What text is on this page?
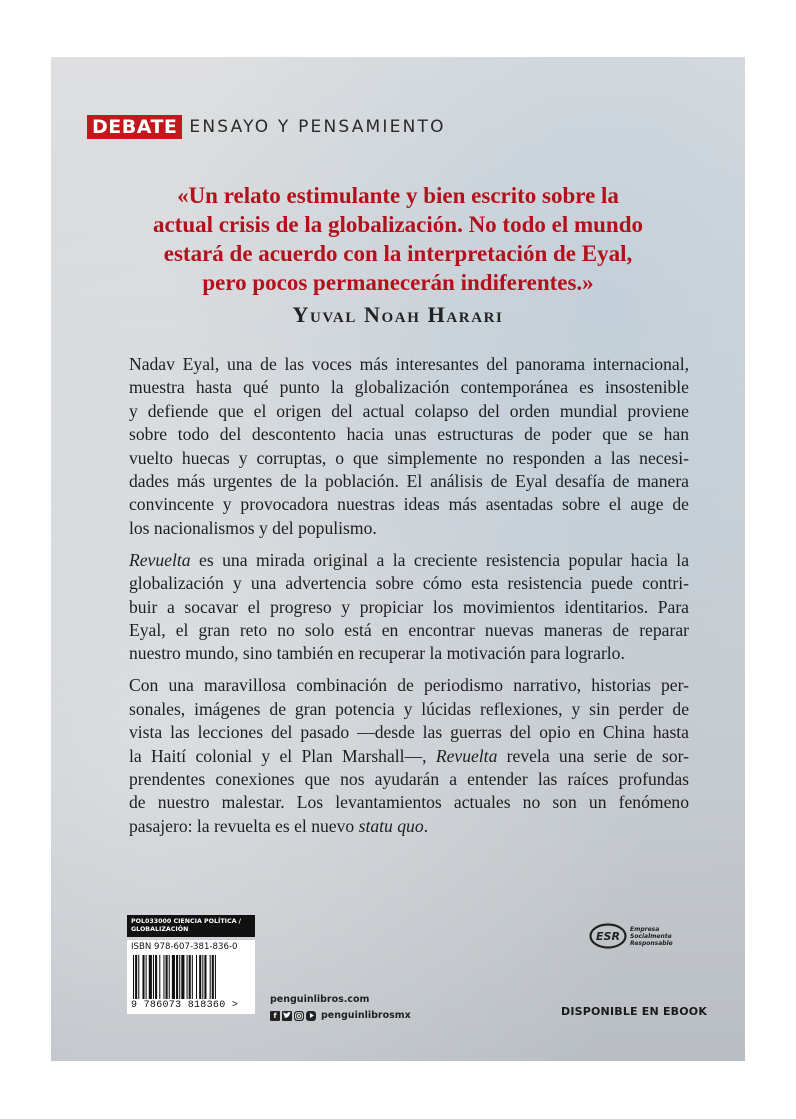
DEBATE ENSAYO Y PENSAMIENTO
«Un relato estimulante y bien escrito sobre la
actual crisis de la globalización. No todo el mundo
estará de acuerdo con la interpretación de Eyal,
pero pocos permanecerán indiferentes.»
Yuval Noah Harari

Nadav Eyal, una de las voces más interesantes del panorama internacional,
muestra hasta qué punto la globalización contemporánea es insostenible
y defiende que el origen del actual colapso del orden mundial proviene
sobre todo del descontento hacia unas estructuras de poder que se han
vuelto huecas y corruptas, o que simplemente no responden a las necesi-
dades más urgentes de la población. El análisis de Eyal desafía de manera
convincente y provocadora nuestras ideas más asentadas sobre el auge de
los nacionalismos y del populismo.

Revuelta es una mirada original a la creciente resistencia popular hacia la
globalización y una advertencia sobre cómo esta resistencia puede contri-
buir a socavar el progreso y propiciar los movimientos identitarios. Para
Eyal, el gran reto no solo está en encontrar nuevas maneras de reparar
nuestro mundo, sino también en recuperar la motivación para lograrlo.

Con una maravillosa combinación de periodismo narrativo, historias per-
sonales, imágenes de gran potencia y lúcidas reflexiones, y sin perder de
vista las lecciones del pasado —desde las guerras del opio en China hasta
la Haití colonial y el Plan Marshall—, Revuelta revela una serie de sor-
prendentes conexiones que nos ayudarán a entender las raíces profundas
de nuestro malestar. Los levantamientos actuales no son un fenómeno
pasajero: la revuelta es el nuevo statu quo.

POL033000 CIENCIA POLÍTICA /
GLOBALIZACIÓN
ISBN 978-607-381-836-0
9 786073 818360 >
penguinlibros.com
f	penguinlibrosmx
ESR
Empresa
Socialmente
Responsable
DISPONIBLE EN EBOOK
